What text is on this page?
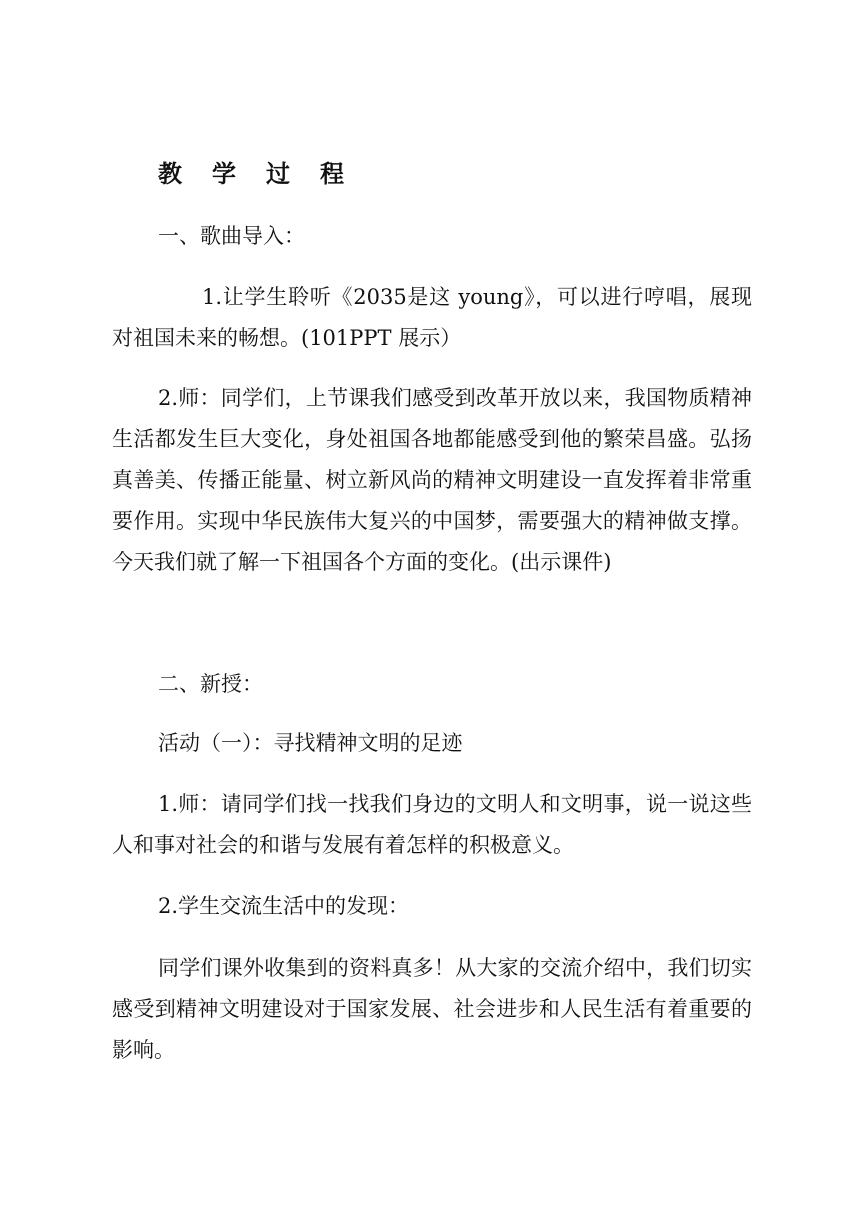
教学过程

一、歌曲导入：

1.让学生聆听《2035是这 young》，可以进行哼唱，展现对祖国未来的畅想。(101PPT 展示）

2.师：同学们，上节课我们感受到改革开放以来，我国物质精神生活都发生巨大变化，身处祖国各地都能感受到他的繁荣昌盛。弘扬真善美、传播正能量、树立新风尚的精神文明建设一直发挥着非常重要作用。实现中华民族伟大复兴的中国梦，需要强大的精神做支撑。今天我们就了解一下祖国各个方面的变化。(出示课件)

二、新授：

活动（一）：寻找精神文明的足迹

1.师：请同学们找一找我们身边的文明人和文明事，说一说这些人和事对社会的和谐与发展有着怎样的积极意义。

2.学生交流生活中的发现：

同学们课外收集到的资料真多！从大家的交流介绍中，我们切实感受到精神文明建设对于国家发展、社会进步和人民生活有着重要的影响。
